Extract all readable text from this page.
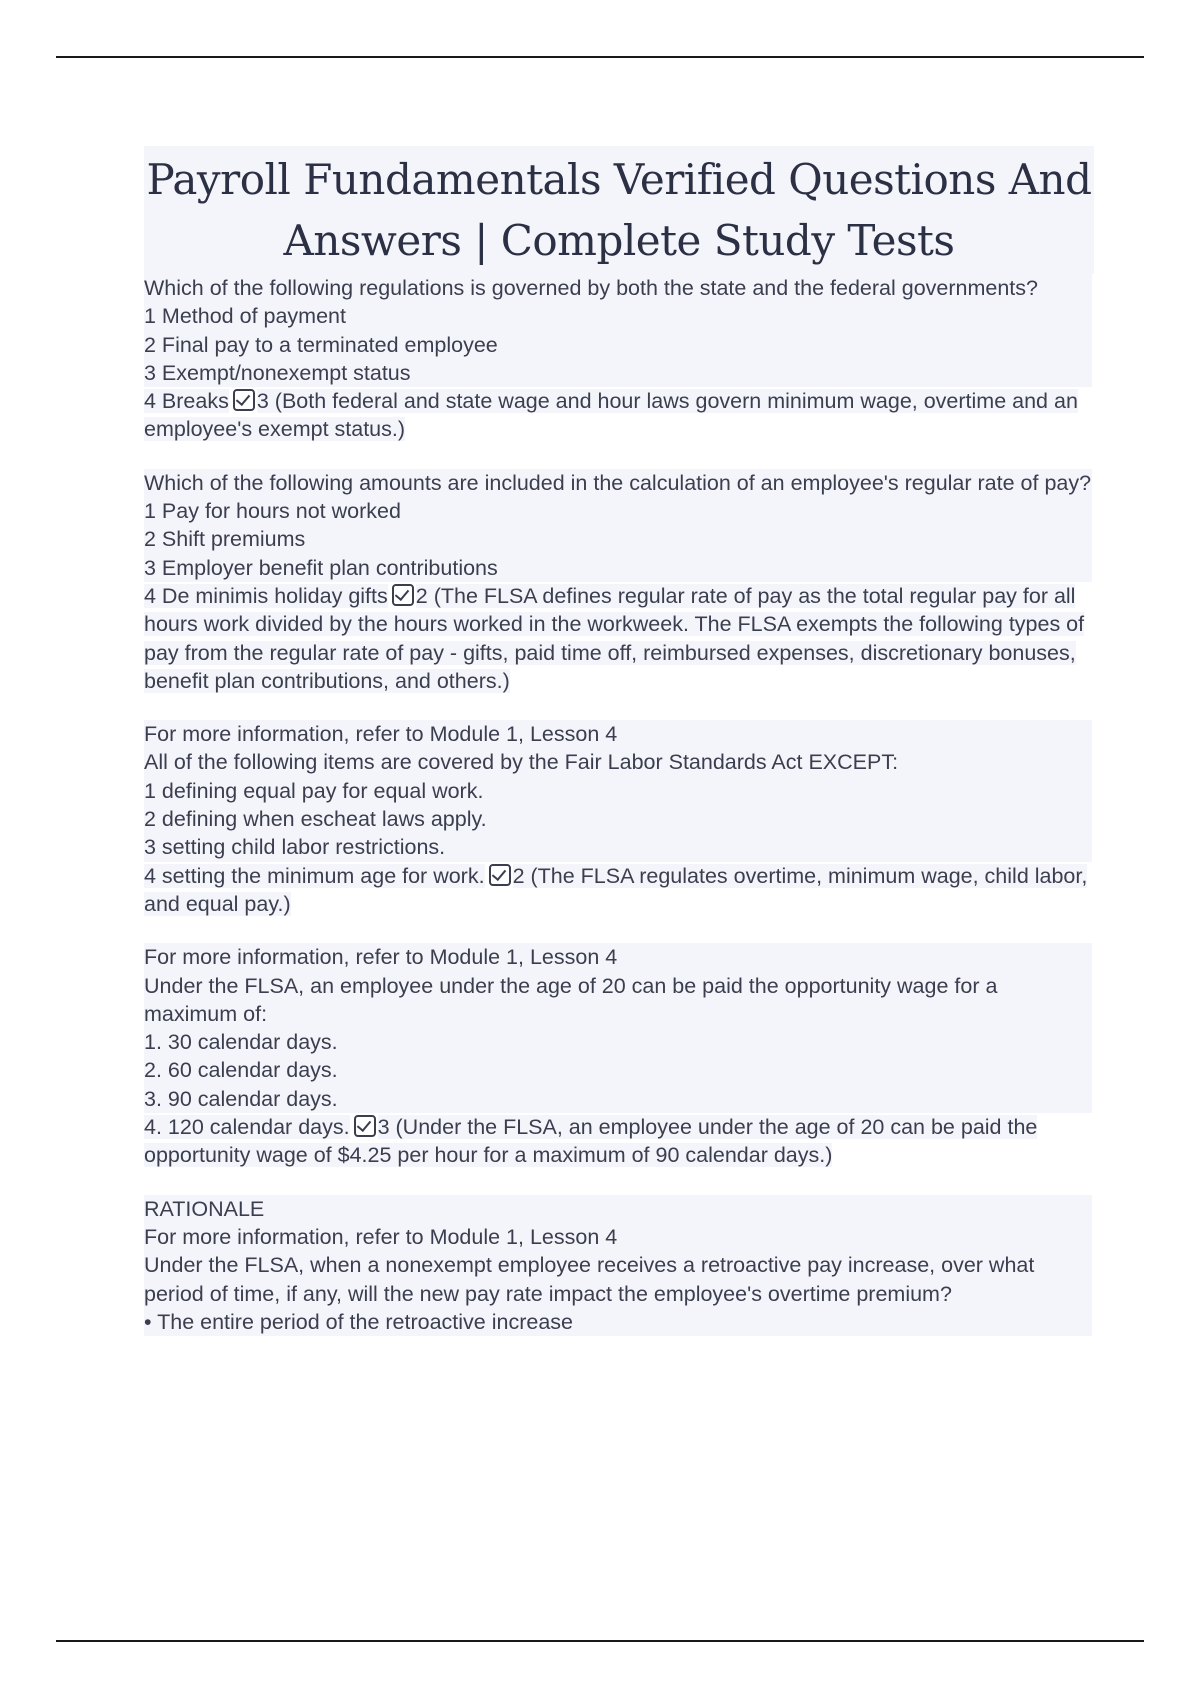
Payroll Fundamentals Verified Questions And Answers | Complete Study Tests
Which of the following regulations is governed by both the state and the federal governments?
1 Method of payment
2 Final pay to a terminated employee
3 Exempt/nonexempt status
4 Breaks 3 (Both federal and state wage and hour laws govern minimum wage, overtime and an employee's exempt status.)
Which of the following amounts are included in the calculation of an employee's regular rate of pay?
1 Pay for hours not worked
2 Shift premiums
3 Employer benefit plan contributions
4 De minimis holiday gifts 2 (The FLSA defines regular rate of pay as the total regular pay for all hours work divided by the hours worked in the workweek. The FLSA exempts the following types of pay from the regular rate of pay - gifts, paid time off, reimbursed expenses, discretionary bonuses, benefit plan contributions, and others.)
For more information, refer to Module 1, Lesson 4
All of the following items are covered by the Fair Labor Standards Act EXCEPT:
1 defining equal pay for equal work.
2 defining when escheat laws apply.
3 setting child labor restrictions.
4 setting the minimum age for work. 2 (The FLSA regulates overtime, minimum wage, child labor, and equal pay.)
For more information, refer to Module 1, Lesson 4
Under the FLSA, an employee under the age of 20 can be paid the opportunity wage for a maximum of:
1. 30 calendar days.
2. 60 calendar days.
3. 90 calendar days.
4. 120 calendar days. 3 (Under the FLSA, an employee under the age of 20 can be paid the opportunity wage of $4.25 per hour for a maximum of 90 calendar days.)
RATIONALE
For more information, refer to Module 1, Lesson 4
Under the FLSA, when a nonexempt employee receives a retroactive pay increase, over what period of time, if any, will the new pay rate impact the employee's overtime premium?
• The entire period of the retroactive increase
